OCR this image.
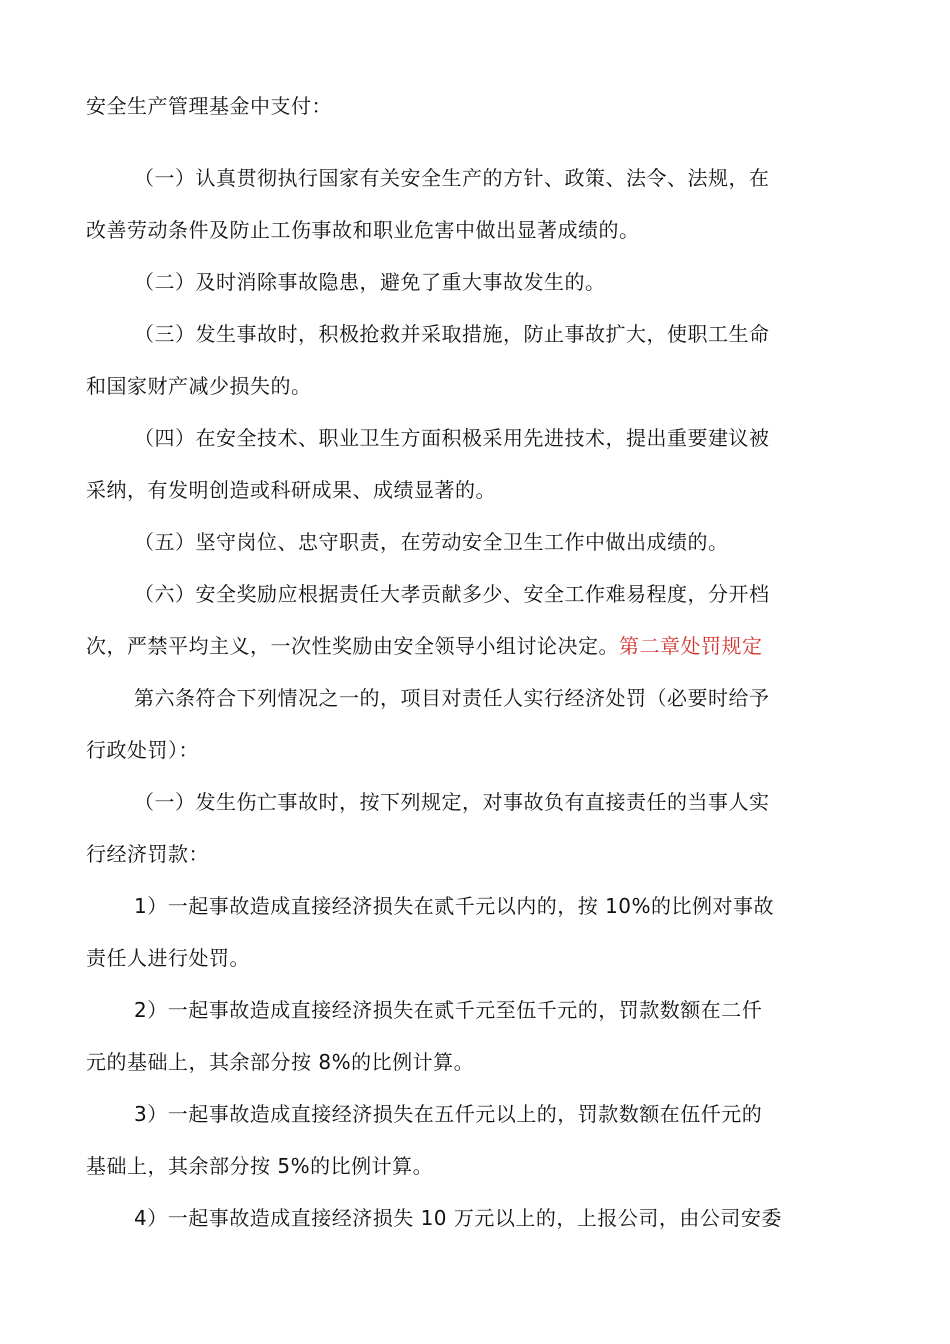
安全生产管理基金中支付：

（一）认真贯彻执行国家有关安全生产的方针、政策、法令、法规，在

改善劳动条件及防止工伤事故和职业危害中做出显著成绩的。

（二）及时消除事故隐患，避免了重大事故发生的。

（三）发生事故时，积极抢救并采取措施，防止事故扩大，使职工生命

和国家财产减少损失的。

（四）在安全技术、职业卫生方面积极采用先进技术，提出重要建议被

采纳，有发明创造或科研成果、成绩显著的。

（五）坚守岗位、忠守职责，在劳动安全卫生工作中做出成绩的。

（六）安全奖励应根据责任大孝贡献多少、安全工作难易程度，分开档

次，严禁平均主义，一次性奖励由安全领导小组讨论决定。第二章处罚规定

第六条符合下列情况之一的，项目对责任人实行经济处罚（必要时给予

行政处罚）：

（一）发生伤亡事故时，按下列规定，对事故负有直接责任的当事人实

行经济罚款：

1）一起事故造成直接经济损失在贰千元以内的，按 10%的比例对事故

责任人进行处罚。

2）一起事故造成直接经济损失在贰千元至伍千元的，罚款数额在二仟

元的基础上，其余部分按 8%的比例计算。

3）一起事故造成直接经济损失在五仟元以上的，罚款数额在伍仟元的

基础上，其余部分按 5%的比例计算。

4）一起事故造成直接经济损失 10 万元以上的，上报公司，由公司安委
